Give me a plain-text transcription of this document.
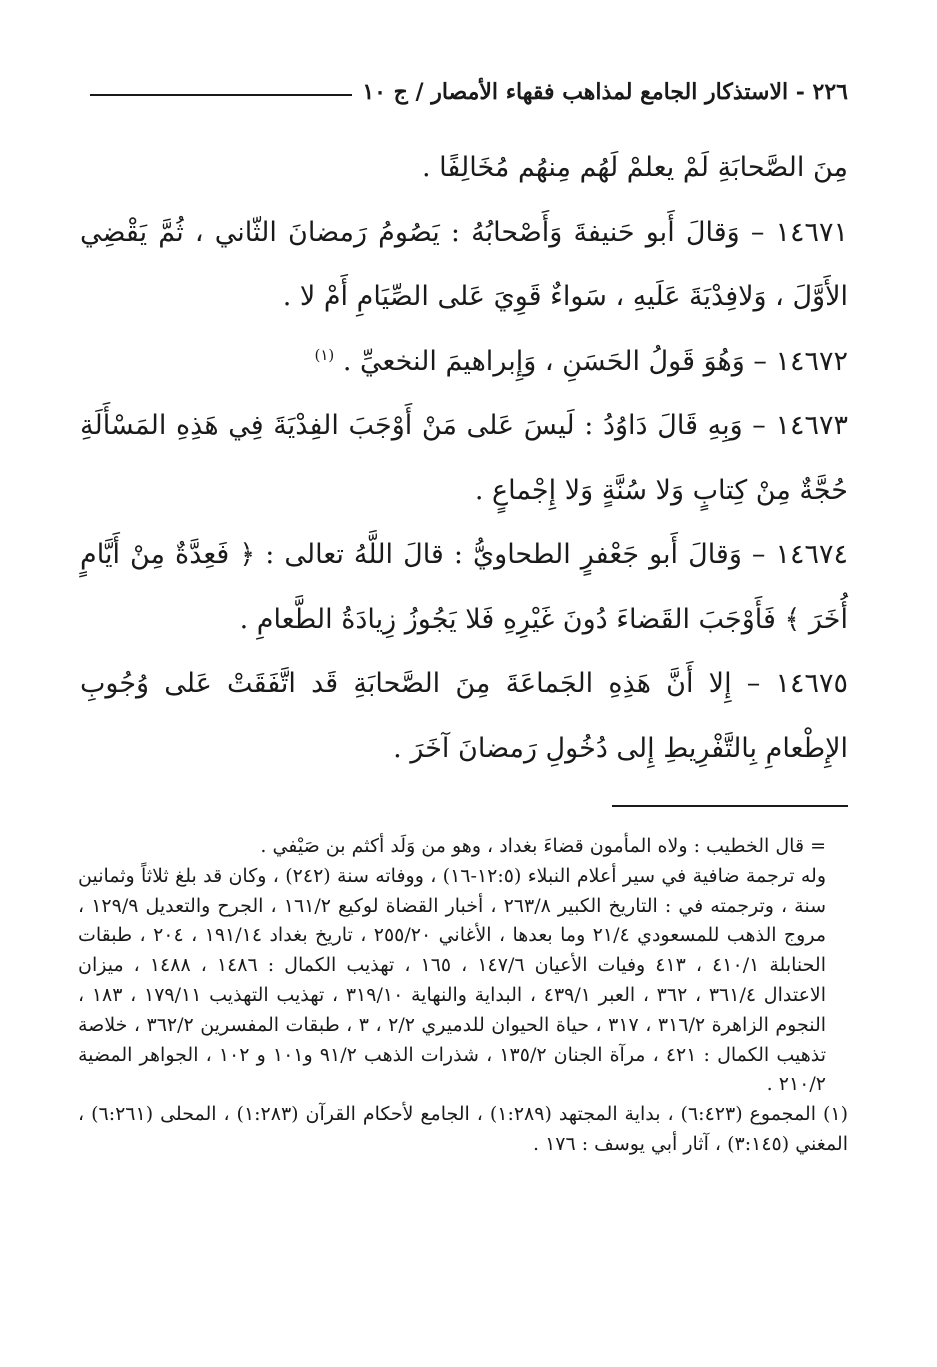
٢٢٦ - الاستذكار الجامع لمذاهب فقهاء الأمصار / ج ١٠

مِنَ الصَّحابَةِ لَمْ يعلمْ لَهُم مِنهُم مُخَالِفًا .

١٤٦٧١ – وَقالَ أَبو حَنيفةَ وَأَصْحابُهُ : يَصُومُ رَمضانَ الثّاني ، ثُمَّ يَقْضِي الأَوَّلَ ، وَلافِدْيَةَ عَلَيهِ ، سَواءٌ قَوِيَ عَلى الصِّيَامِ أَمْ لا .

١٤٦٧٢ – وَهُوَ قَولُ الحَسَنِ ، وَإِبراهيمَ النخعيِّ . $^{(١)}$

١٤٦٧٣ – وَبِهِ قَالَ دَاوُدُ : لَيسَ عَلى مَنْ أَوْجَبَ الفِدْيَةَ فِي هَذِهِ المَسْأَلَةِ حُجَّةٌ مِنْ كِتابٍ وَلا سُنَّةٍ وَلا إِجْماعٍ .

١٤٦٧٤ – وَقالَ أَبو جَعْفرٍ الطحاويُّ : قالَ اللَّهُ تعالى : ﴿ فَعِدَّةٌ مِنْ أَيَّامٍ أُخَرَ ﴾ فَأَوْجَبَ القَضاءَ دُونَ غَيْرِهِ فَلا يَجُوزُ زِيادَةُ الطَّعامِ .

١٤٦٧٥ – إِلا أَنَّ هَذِهِ الجَماعَةَ مِنَ الصَّحابَةِ قَد اتَّفَقَتْ عَلى وُجُوبِ الإِطْعامِ بِالتَّفْرِيطِ إِلى دُخُولِ رَمضانَ آخَرَ .

= قال الخطيب : ولاه المأمون قضاءَ بغداد ، وهو من وَلَد أكثم بن صَيْفي .

وله ترجمة ضافية في سير أعلام النبلاء (١٢:٥-١٦) ، ووفاته سنة (٢٤٢) ، وكان قد بلغ ثلاثاً وثمانين سنة ، وترجمته في : التاريخ الكبير ٢٦٣/٨ ، أخبار القضاة لوكيع ١٦١/٢ ، الجرح والتعديل ١٢٩/٩ ، مروج الذهب للمسعودي ٢١/٤ وما بعدها ، الأغاني ٢٥٥/٢٠ ، تاريخ بغداد ١٩١/١٤ ، ٢٠٤ ، طبقات الحنابلة ٤١٠/١ ، ٤١٣ وفيات الأعيان ١٤٧/٦ ، ١٦٥ ، تهذيب الكمال : ١٤٨٦ ، ١٤٨٨ ، ميزان الاعتدال ٣٦١/٤ ، ٣٦٢ ، العبر ٤٣٩/١ ، البداية والنهاية ٣١٩/١٠ ، تهذيب التهذيب ١٧٩/١١ ، ١٨٣ ، النجوم الزاهرة ٣١٦/٢ ، ٣١٧ ، حياة الحيوان للدميري ٢/٢ ، ٣ ، طبقات المفسرين ٣٦٢/٢ ، خلاصة تذهيب الكمال : ٤٢١ ، مرآة الجنان ١٣٥/٢ ، شذرات الذهب ٩١/٢ و١٠١ و ١٠٢ ، الجواهر المضية ٢١٠/٢ .

(١) المجموع (٦:٤٢٣) ، بداية المجتهد (١:٢٨٩) ، الجامع لأحكام القرآن (١:٢٨٣) ، المحلى (٦:٢٦١) ، المغني (٣:١٤٥) ، آثار أبي يوسف : ١٧٦ .
